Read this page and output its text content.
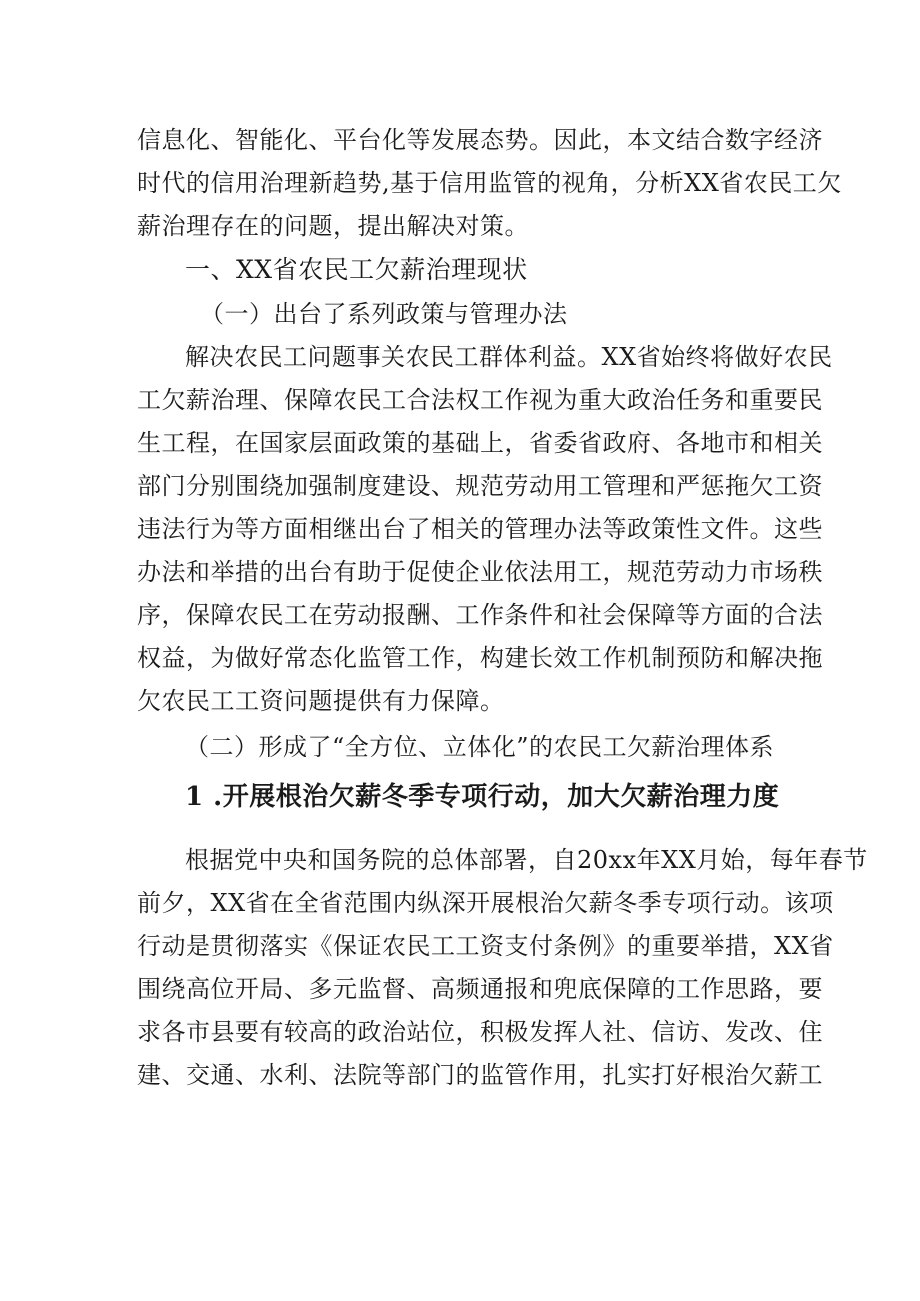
信息化、智能化、平台化等发展态势。因此，本文结合数字经济
时代的信用治理新趋势,基于信用监管的视角，分析XX省农民工欠
薪治理存在的问题，提出解决对策。
一、XX省农民工欠薪治理现状
（一）出台了系列政策与管理办法
解决农民工问题事关农民工群体利益。XX省始终将做好农民
工欠薪治理、保障农民工合法权工作视为重大政治任务和重要民
生工程，在国家层面政策的基础上，省委省政府、各地市和相关
部门分别围绕加强制度建设、规范劳动用工管理和严惩拖欠工资
违法行为等方面相继出台了相关的管理办法等政策性文件。这些
办法和举措的出台有助于促使企业依法用工，规范劳动力市场秩
序，保障农民工在劳动报酬、工作条件和社会保障等方面的合法
权益，为做好常态化监管工作，构建长效工作机制预防和解决拖
欠农民工工资问题提供有力保障。
（二）形成了“全方位、立体化”的农民工欠薪治理体系
1 .开展根治欠薪冬季专项行动，加大欠薪治理力度
根据党中央和国务院的总体部署，自20xx年XX月始，每年春节
前夕，XX省在全省范围内纵深开展根治欠薪冬季专项行动。该项
行动是贯彻落实《保证农民工工资支付条例》的重要举措，XX省
围绕高位开局、多元监督、高频通报和兜底保障的工作思路，要
求各市县要有较高的政治站位，积极发挥人社、信访、发改、住
建、交通、水利、法院等部门的监管作用，扎实打好根治欠薪工
